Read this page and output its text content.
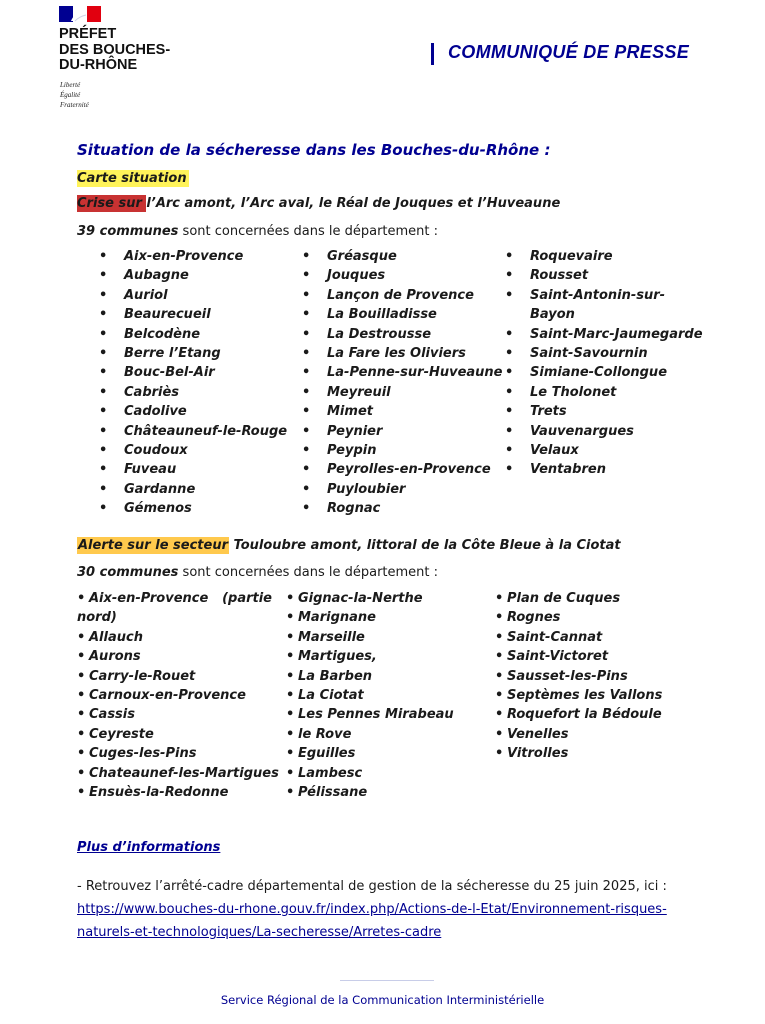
PRÉFET
DES BOUCHES-
DU-RHÔNE
Liberté
Égalité
Fraternité
COMMUNIQUÉ DE PRESSE
Situation de la sécheresse dans les Bouches-du-Rhône :
Carte situation
Crise sur l’Arc amont, l’Arc aval, le Réal de Jouques et l’Huveaune
39 communes sont concernées dans le département :
• Aix-en-Provence
• Aubagne
• Auriol
• Beaurecueil
• Belcodène
• Berre l’Etang
• Bouc-Bel-Air
• Cabriès
• Cadolive
• Châteauneuf-le-Rouge
• Coudoux
• Fuveau
• Gardanne
• Gémenos
• Gréasque
• Jouques
• Lançon de Provence
• La Bouilladisse
• La Destrousse
• La Fare les Oliviers
• La-Penne-sur-Huveaune
• Meyreuil
• Mimet
• Peynier
• Peypin
• Peyrolles-en-Provence
• Puyloubier
• Rognac
• Roquevaire
• Rousset
• Saint-Antonin-sur-
Bayon
• Saint-Marc-Jaumegarde
• Saint-Savournin
• Simiane-Collongue
• Le Tholonet
• Trets
• Vauvenargues
• Velaux
• Ventabren
Alerte sur le secteur Touloubre amont, littoral de la Côte Bleue à la Ciotat
30 communes sont concernées dans le département :
• Aix-en-Provence (partie
nord)
• Allauch
• Aurons
• Carry-le-Rouet
• Carnoux-en-Provence
• Cassis
• Ceyreste
• Cuges-les-Pins
• Chateaunef-les-Martigues
• Ensuès-la-Redonne
• Gignac-la-Nerthe
• Marignane
• Marseille
• Martigues,
• La Barben
• La Ciotat
• Les Pennes Mirabeau
• le Rove
• Eguilles
• Lambesc
• Pélissane
• Plan de Cuques
• Rognes
• Saint-Cannat
• Saint-Victoret
• Sausset-les-Pins
• Septèmes les Vallons
• Roquefort la Bédoule
• Venelles
• Vitrolles
Plus d’informations
- Retrouvez l’arrêté-cadre départemental de gestion de la sécheresse du 25 juin 2025, ici :
https://www.bouches-du-rhone.gouv.fr/index.php/Actions-de-l-Etat/Environnement-risques-
naturels-et-technologiques/La-secheresse/Arretes-cadre
Service Régional de la Communication Interministérielle
